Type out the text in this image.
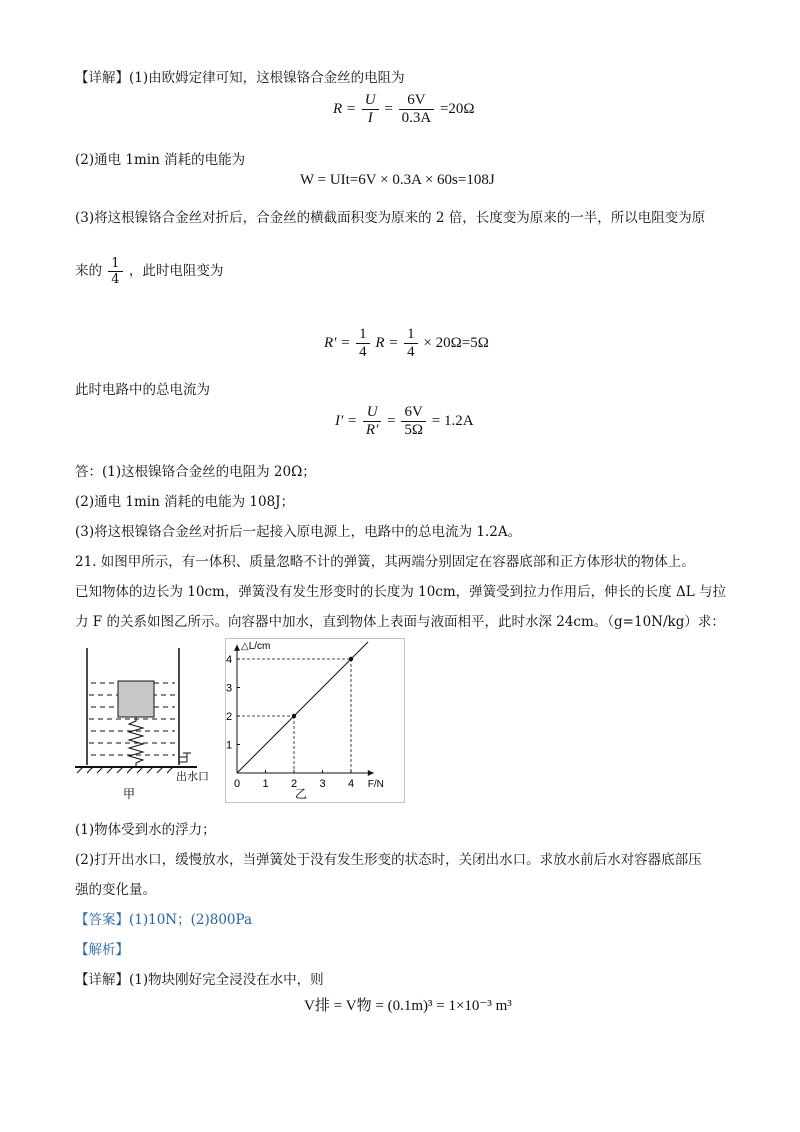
【详解】(1)由欧姆定律可知，这根镍铬合金丝的电阻为
$R = \frac{U}{I} = \frac{6V}{0.3A} =20\Omega$
(2)通电 1min 消耗的电能为
W = UIt=6V × 0.3A × 60s=108J
(3)将这根镍铬合金丝对折后，合金丝的横截面积变为原来的 2 倍，长度变为原来的一半，所以电阻变为原
来的 $\frac{1}{4}$ ，此时电阻变为
$R' = \frac{1}{4}$ $R = \frac{1}{4} \times 20\Omega=5\Omega$
此时电路中的总电流为
$I' = \frac{U}{R'} = \frac{6V}{5\Omega} = 1.2A$
答：(1)这根镍铬合金丝的电阻为 20Ω；
(2)通电 1min 消耗的电能为 108J；
(3)将这根镍铬合金丝对折后一起接入原电源上，电路中的总电流为 1.2A。
21. 如图甲所示，有一体积、质量忽略不计的弹簧，其两端分别固定在容器底部和正方体形状的物体上。
已知物体的边长为 10cm，弹簧没有发生形变时的长度为 10cm，弹簧受到拉力作用后，伸长的长度 ΔL 与拉
力 F 的关系如图乙所示。向容器中加水，直到物体上表面与液面相平，此时水深 24cm。（g=10N/kg）求：
出水口
甲
F/N
△L/cm
0 1 2 3 4
1
2
3
4
乙
(1)物体受到水的浮力；
(2)打开出水口，缓慢放水，当弹簧处于没有发生形变的状态时，关闭出水口。求放水前后水对容器底部压
强的变化量。
【答案】(1)10N；(2)800Pa
【解析】
【详解】(1)物块刚好完全浸没在水中，则
V排 = V物 = (0.1m)³ = 1×10⁻³ m³
